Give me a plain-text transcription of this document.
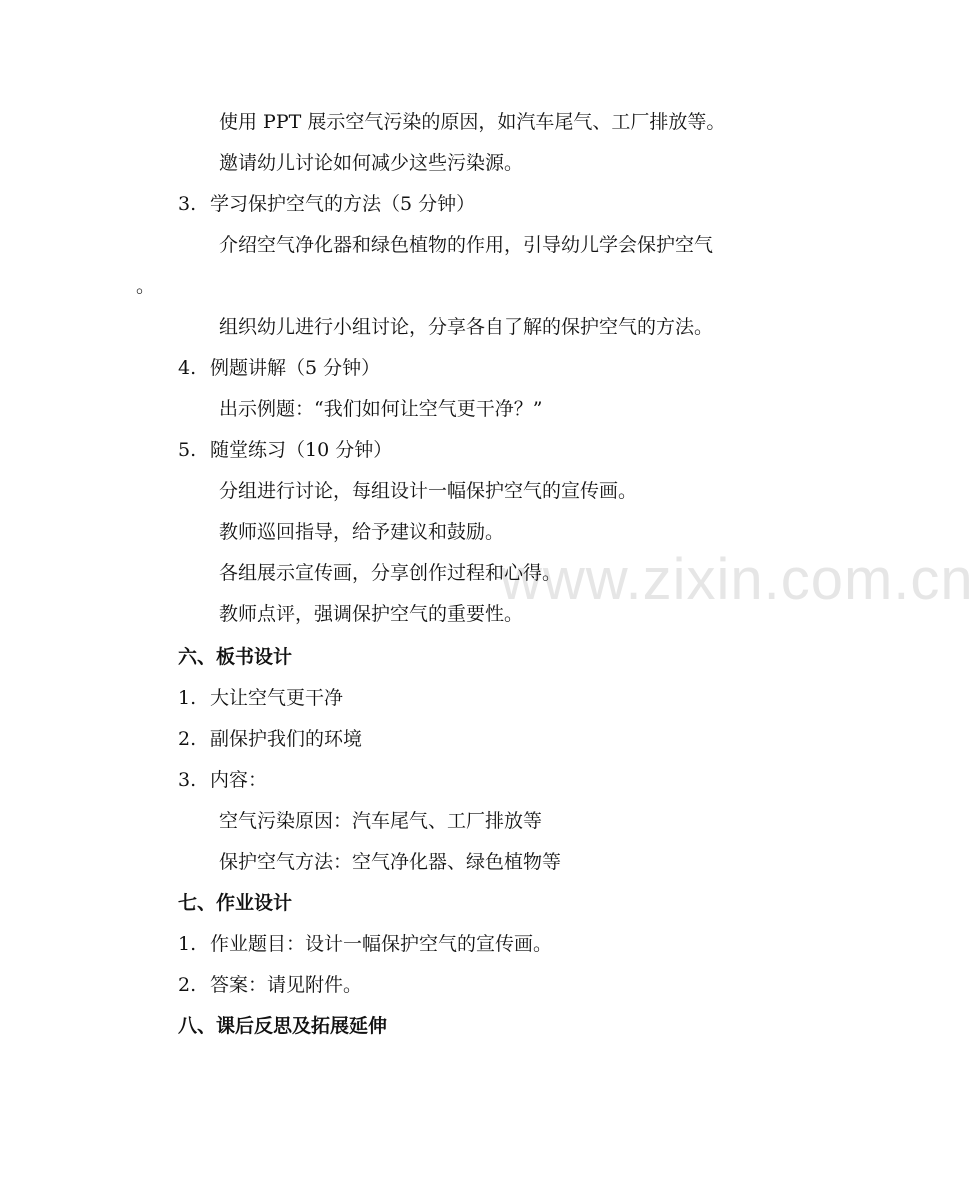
www.zixin.com.cn
使用 PPT 展示空气污染的原因，如汽车尾气、工厂排放等。
邀请幼儿讨论如何减少这些污染源。
3. 学习保护空气的方法（5 分钟）
介绍空气净化器和绿色植物的作用，引导幼儿学会保护空气
。
组织幼儿进行小组讨论，分享各自了解的保护空气的方法。
4. 例题讲解（5 分钟）
出示例题：“我们如何让空气更干净？”
5. 随堂练习（10 分钟）
分组进行讨论，每组设计一幅保护空气的宣传画。
教师巡回指导，给予建议和鼓励。
各组展示宣传画，分享创作过程和心得。
教师点评，强调保护空气的重要性。
六、板书设计
1. 大让空气更干净
2. 副保护我们的环境
3. 内容：
空气污染原因：汽车尾气、工厂排放等
保护空气方法：空气净化器、绿色植物等
七、作业设计
1. 作业题目：设计一幅保护空气的宣传画。
2. 答案：请见附件。
八、课后反思及拓展延伸
